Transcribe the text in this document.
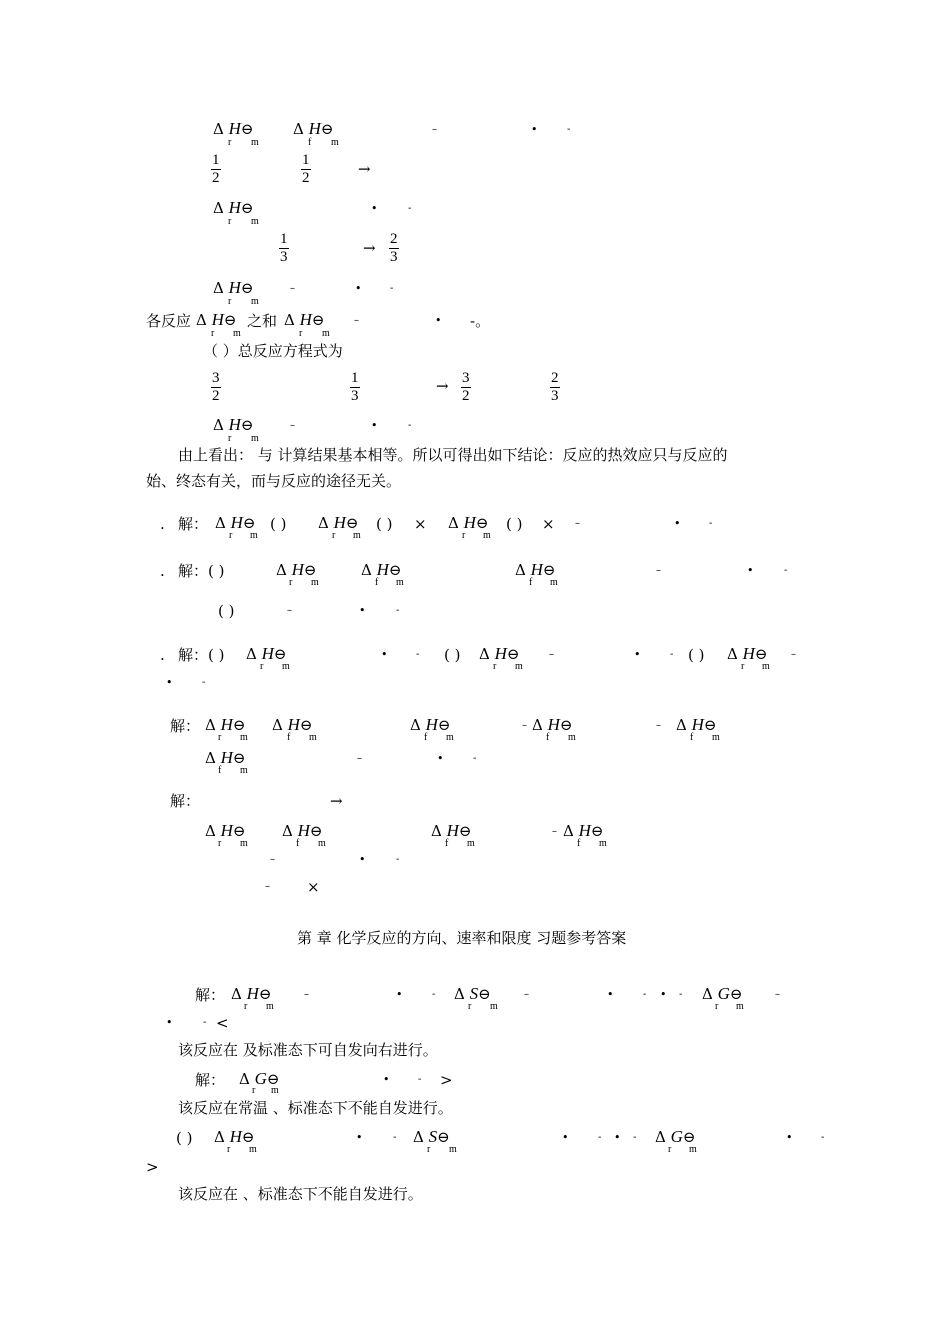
Δ H⊖
r m
Δ H⊖
f m
–	•	-
$\frac{1}{2}$	$\frac{1}{2}$	→
Δ H⊖
r m
•	-
$\frac{1}{3}$	→ $\frac{2}{3}$
Δ H⊖
r m
–	•	-
各反应 Δ H⊖
r m
之和 Δ H⊖
r m
–	• -。
（ ）总反应方程式为
$\frac{3}{2}$	$\frac{1}{3}$	→ $\frac{3}{2}$	$\frac{2}{3}$
Δ H⊖
r m
–	•	-
由上看出： 与 计算结果基本相等。所以可得出如下结论：反应的热效应只与反应的
始、终态有关，而与反应的途径无关。
. 解： Δ H⊖
r m
( ) Δ H⊖
r m
( ) × Δ H⊖
r m
( ) × –	•	-
. 解：( )	Δ H⊖
r m
Δ H⊖
f m
Δ H⊖
f m
–	•	-
( )	–	•	-
. 解：( ) Δ H⊖
r m
•	- ( ) Δ H⊖
r m
–	•	- ( ) Δ H⊖
r m
–
•	-
解： Δ H⊖
r m
Δ H⊖
f m
Δ H⊖
f m
– Δ H⊖
f m
– Δ H⊖
f m
Δ H⊖
f m
–	•	-
解：	→
Δ H⊖
r m
Δ H⊖
f m
Δ H⊖
f m
– Δ H⊖
f m
–	•	-
– ×
第 章 化学反应的方向、速率和限度 习题参考答案
解： Δ H⊖
r m
–	•	- Δ S⊖
r m
–	•	- • - Δ G⊖
r m
–
•	- <
该反应在 及标准态下可自发向右进行。
解： Δ G⊖
r m
•	- >
该反应在常温 、标准态下不能自发进行。
( ) Δ H⊖
r m
•	- Δ S⊖
r m
•	- • - Δ G⊖
r m
•	-
>
该反应在 、标准态下不能自发进行。
